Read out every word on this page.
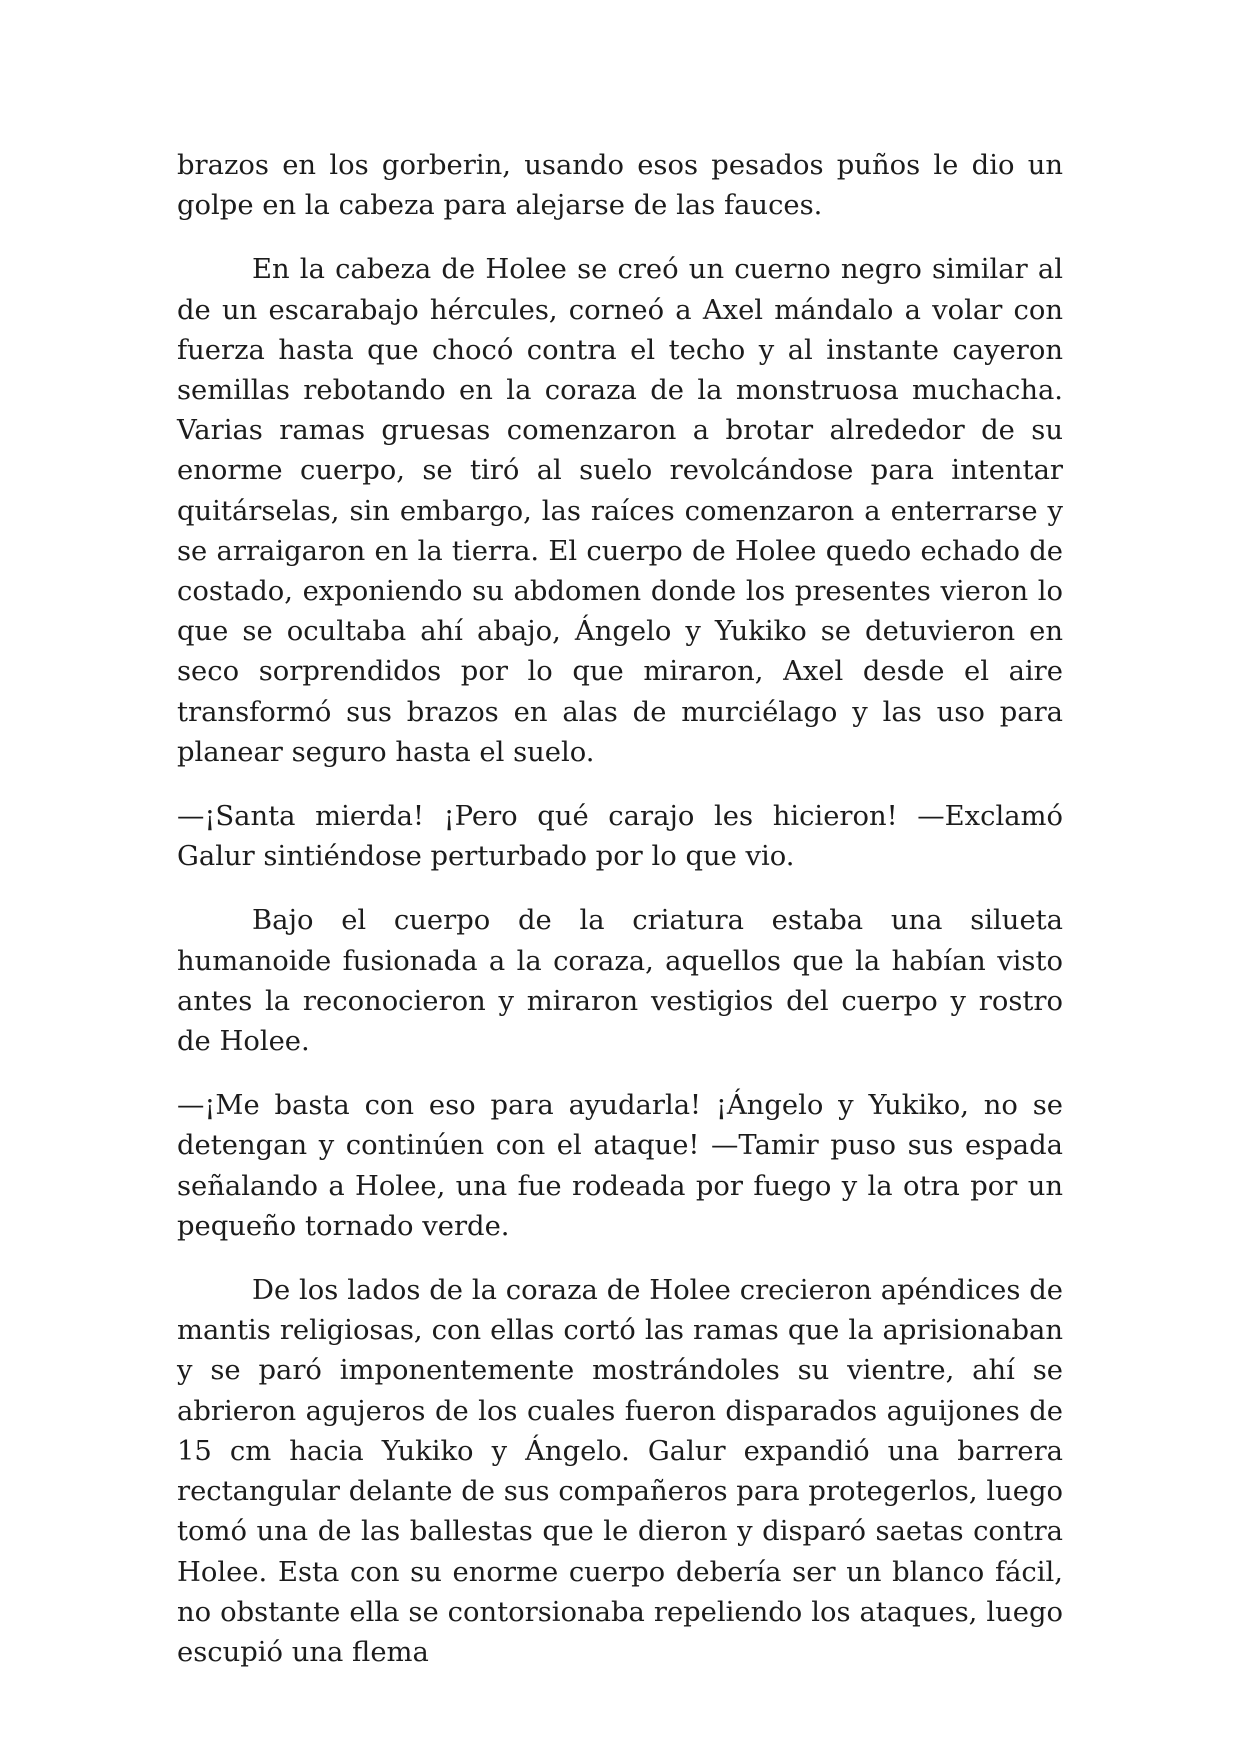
brazos en los gorberin, usando esos pesados puños le dio un golpe en la cabeza para alejarse de las fauces.

En la cabeza de Holee se creó un cuerno negro similar al de un escarabajo hércules, corneó a Axel mándalo a volar con fuerza hasta que chocó contra el techo y al instante cayeron semillas rebotando en la coraza de la monstruosa muchacha. Varias ramas gruesas comenzaron a brotar alrededor de su enorme cuerpo, se tiró al suelo revolcándose para intentar quitárselas, sin embargo, las raíces comenzaron a enterrarse y se arraigaron en la tierra. El cuerpo de Holee quedo echado de costado, exponiendo su abdomen donde los presentes vieron lo que se ocultaba ahí abajo, Ángelo y Yukiko se detuvieron en seco sorprendidos por lo que miraron, Axel desde el aire transformó sus brazos en alas de murciélago y las uso para planear seguro hasta el suelo.

—¡Santa mierda! ¡Pero qué carajo les hicieron! —Exclamó Galur sintiéndose perturbado por lo que vio.

Bajo el cuerpo de la criatura estaba una silueta humanoide fusionada a la coraza, aquellos que la habían visto antes la reconocieron y miraron vestigios del cuerpo y rostro de Holee.

—¡Me basta con eso para ayudarla! ¡Ángelo y Yukiko, no se detengan y continúen con el ataque! —Tamir puso sus espada señalando a Holee, una fue rodeada por fuego y la otra por un pequeño tornado verde.

De los lados de la coraza de Holee crecieron apéndices de mantis religiosas, con ellas cortó las ramas que la aprisionaban y se paró imponentemente mostrándoles su vientre, ahí se abrieron agujeros de los cuales fueron disparados aguijones de 15 cm hacia Yukiko y Ángelo. Galur expandió una barrera rectangular delante de sus compañeros para protegerlos, luego tomó una de las ballestas que le dieron y disparó saetas contra Holee. Esta con su enorme cuerpo debería ser un blanco fácil, no obstante ella se contorsionaba repeliendo los ataques, luego escupió una flema
